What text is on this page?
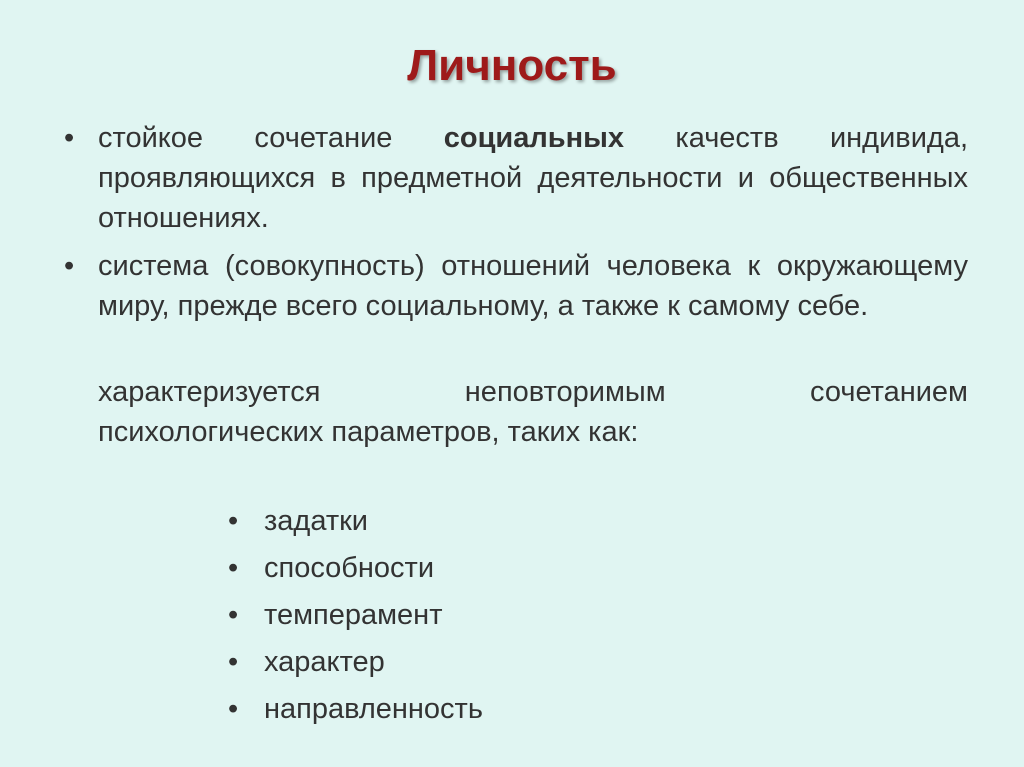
Личность
• стойкое сочетание социальных качеств индивида, проявляющихся в предметной деятельности и общественных отношениях.
• система (совокупность) отношений человека к окружающему миру, прежде всего социальному, а также к самому себе.
характеризуется	неповторимым	сочетанием
психологических параметров, таких как:
• задатки
• способности
• темперамент
• характер
• направленность
